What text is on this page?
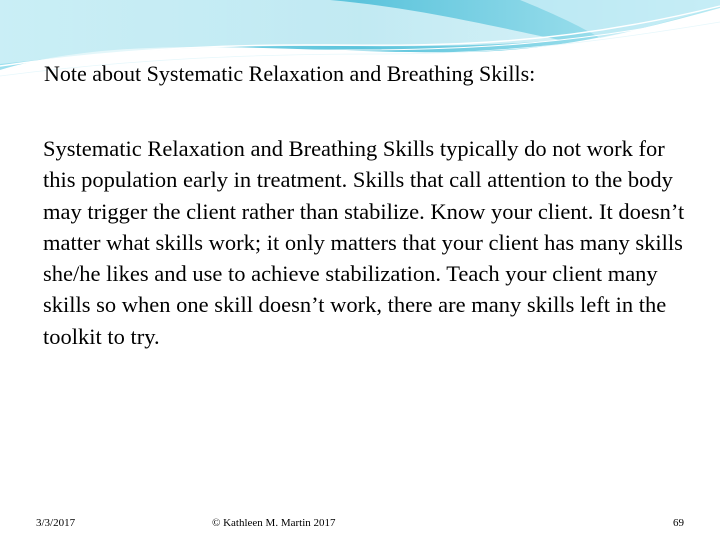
Note about Systematic Relaxation and Breathing Skills:
Systematic Relaxation and Breathing Skills typically do not work for this population early in treatment. Skills that call attention to the body may trigger the client rather than stabilize. Know your client. It doesn’t matter what skills work; it only matters that your client has many skills she/he likes and use to achieve stabilization. Teach your client many skills so when one skill doesn’t work, there are many skills left in the toolkit to try.
3/3/2017	© Kathleen M. Martin 2017	69
